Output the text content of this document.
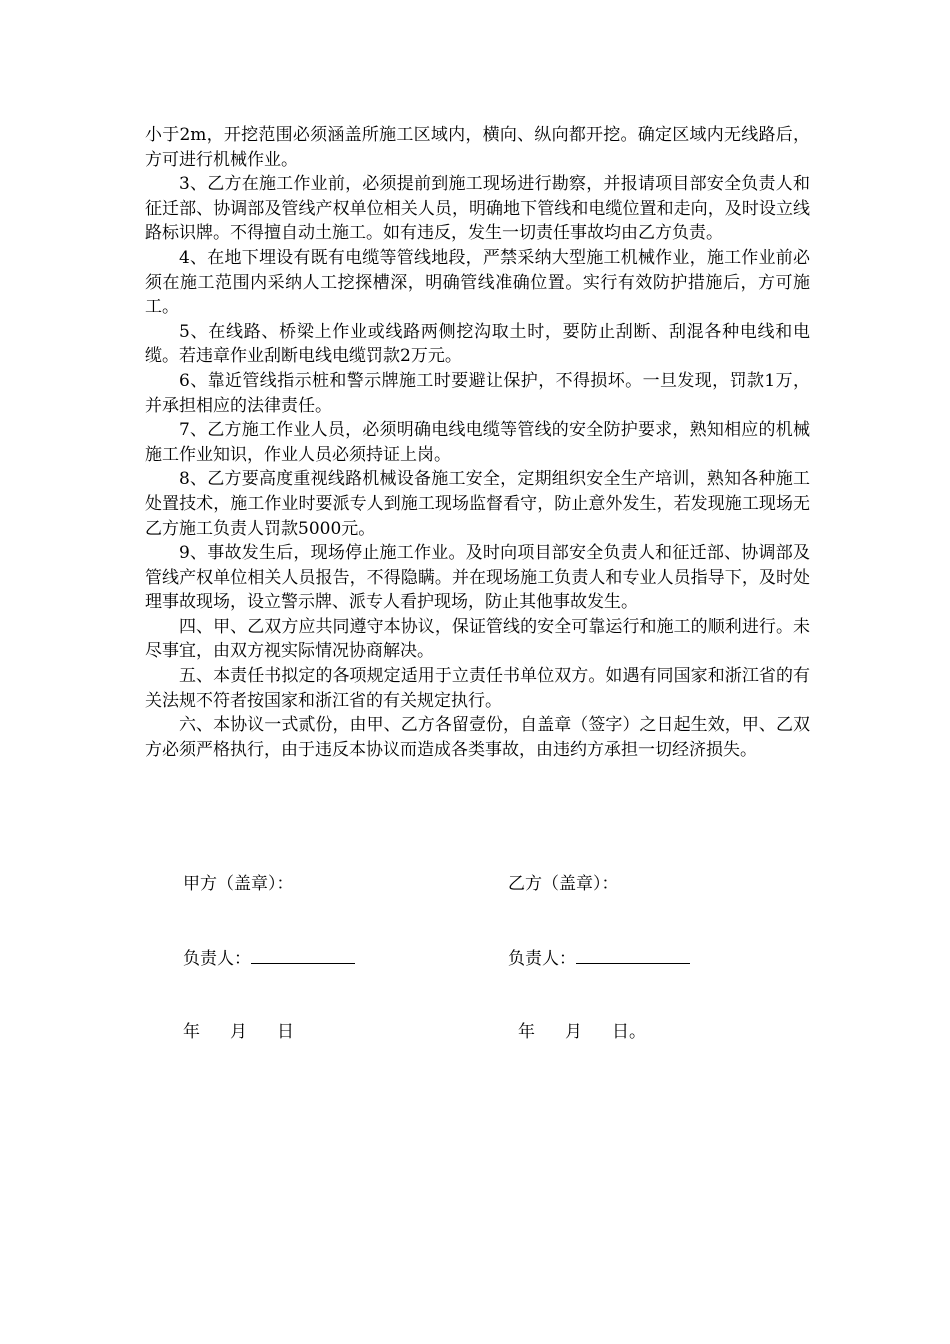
小于2m，开挖范围必须涵盖所施工区域内，横向、纵向都开挖。确定区域内无线路后，方可进行机械作业。

3、乙方在施工作业前，必须提前到施工现场进行勘察，并报请项目部安全负责人和征迁部、协调部及管线产权单位相关人员，明确地下管线和电缆位置和走向，及时设立线路标识牌。不得擅自动土施工。如有违反，发生一切责任事故均由乙方负责。

4、在地下埋设有既有电缆等管线地段，严禁采纳大型施工机械作业，施工作业前必须在施工范围内采纳人工挖探槽深，明确管线准确位置。实行有效防护措施后，方可施工。

5、在线路、桥梁上作业或线路两侧挖沟取土时，要防止刮断、刮混各种电线和电缆。若违章作业刮断电线电缆罚款2万元。

6、靠近管线指示桩和警示牌施工时要避让保护，不得损坏。一旦发现，罚款1万，并承担相应的法律责任。

7、乙方施工作业人员，必须明确电线电缆等管线的安全防护要求，熟知相应的机械施工作业知识，作业人员必须持证上岗。

8、乙方要高度重视线路机械设备施工安全，定期组织安全生产培训，熟知各种施工处置技术，施工作业时要派专人到施工现场监督看守，防止意外发生，若发现施工现场无乙方施工负责人罚款5000元。

9、事故发生后，现场停止施工作业。及时向项目部安全负责人和征迁部、协调部及管线产权单位相关人员报告，不得隐瞒。并在现场施工负责人和专业人员指导下，及时处理事故现场，设立警示牌、派专人看护现场，防止其他事故发生。

四、甲、乙双方应共同遵守本协议，保证管线的安全可靠运行和施工的顺利进行。未尽事宜，由双方视实际情况协商解决。

五、本责任书拟定的各项规定适用于立责任书单位双方。如遇有同国家和浙江省的有关法规不符者按国家和浙江省的有关规定执行。

六、本协议一式贰份，由甲、乙方各留壹份，自盖章（签字）之日起生效，甲、乙双方必须严格执行，由于违反本协议而造成各类事故，由违约方承担一切经济损失。

甲方（盖章）：	乙方（盖章）：
负责人：	负责人：
年 月 日	年 月 日。
